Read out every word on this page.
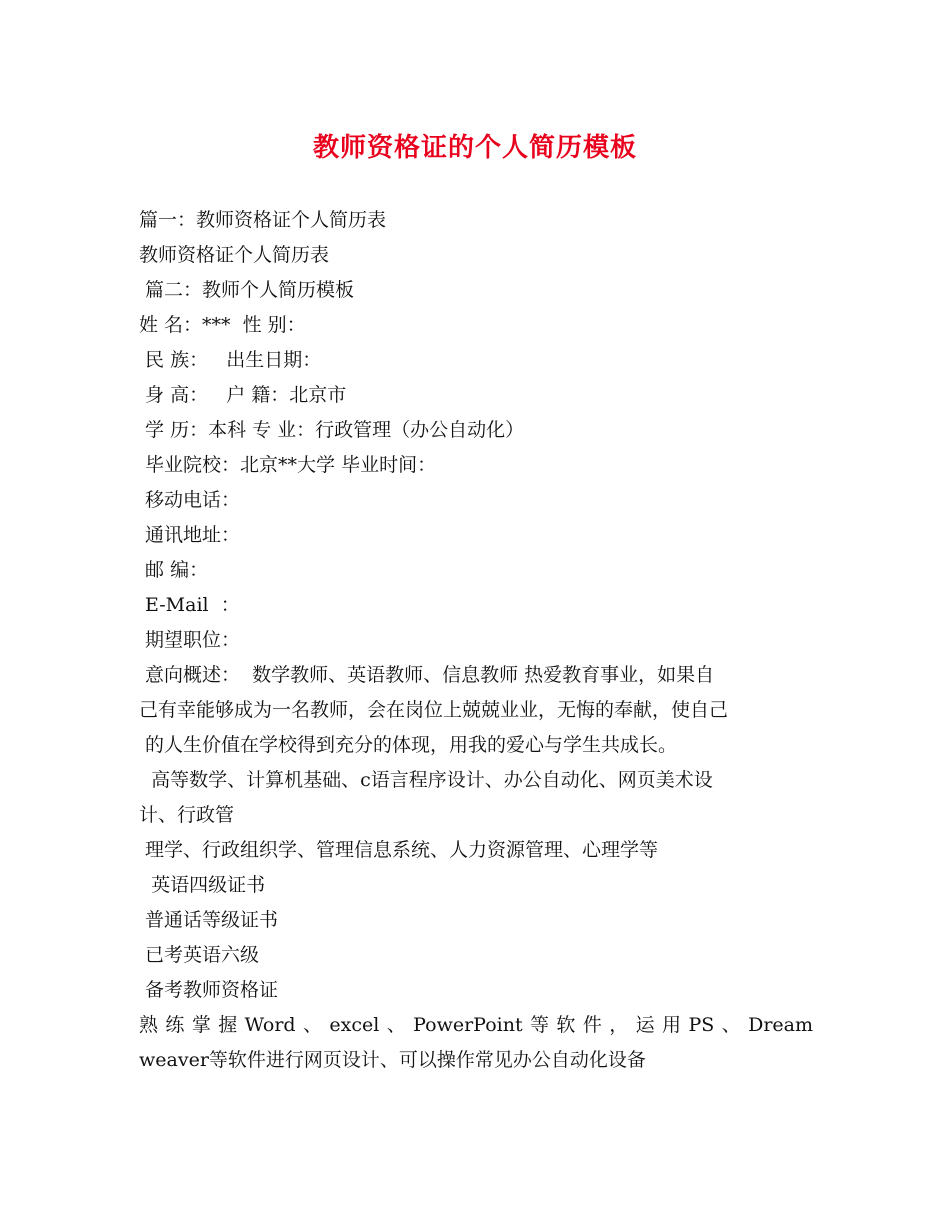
教师资格证的个人简历模板
篇一：教师资格证个人简历表
教师资格证个人简历表
篇二：教师个人简历模板
姓 名：***  性 别：
民 族：   出生日期：
身 高：   户 籍：北京市
学 历：本科 专 业：行政管理（办公自动化）
毕业院校：北京**大学 毕业时间：
移动电话：
通讯地址：
邮 编：
E-Mail  ：
期望职位：
意向概述：  数学教师、英语教师、信息教师 热爱教育事业，如果自
己有幸能够成为一名教师，会在岗位上兢兢业业，无悔的奉献，使自己
的人生价值在学校得到充分的体现，用我的爱心与学生共成长。
高等数学、计算机基础、c语言程序设计、办公自动化、网页美术设
计、行政管
理学、行政组织学、管理信息系统、人力资源管理、心理学等
英语四级证书
普通话等级证书
已考英语六级
备考教师资格证
熟练掌握Word、excel、PowerPoint等软件，运用PS、Dream
weaver等软件进行网页设计、可以操作常见办公自动化设备
